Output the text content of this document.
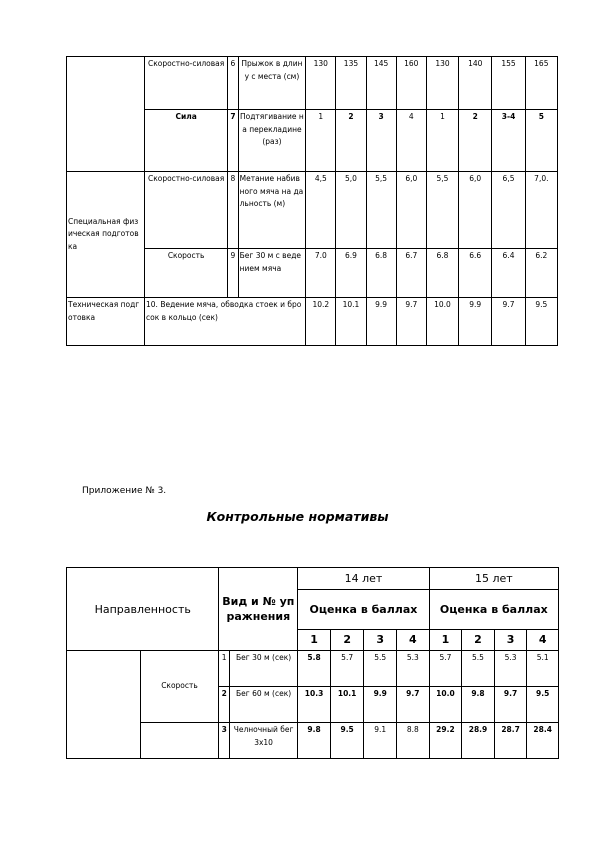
	Скоростно-силовая	6	Прыжок в длину с места (см)	130	135	145	160	130	140	155	165
	Сила	7	Подтягивание на перекладине (раз)	1	2	3	4	1	2	3-4	5
Специальная физическая подготовка	Скоростно-силовая	8	Метание набивного мяча на дальность (м)	4,5	5,0	5,5	6,0	5,5	6,0	6,5	7,0.
	Скорость	9	Бег 30 м с ведением мяча	7.0	6.9	6.8	6.7	6.8	6.6	6.4	6.2
Техническая подготовка	10. Ведение мяча, обводка стоек и бросок в кольцо (сек)			10.2	10.1	9.9	9.7	10.0	9.9	9.7	9.5
Приложение № 3.
Контрольные нормативы
Направленность		Вид и № упражнения		14 лет				15 лет			
				Оценка в баллах				Оценка в баллах			
				1	2	3	4	1	2	3	4
	Скорость	1	Бег 30 м (сек)	5.8	5.7	5.5	5.3	5.7	5.5	5.3	5.1
		2	Бег 60 м (сек)	10.3	10.1	9.9	9.7	10.0	9.8	9.7	9.5
		3	Челночный бег 3х10	9.8	9.5	9.1	8.8	29.2	28.9	28.7	28.4
